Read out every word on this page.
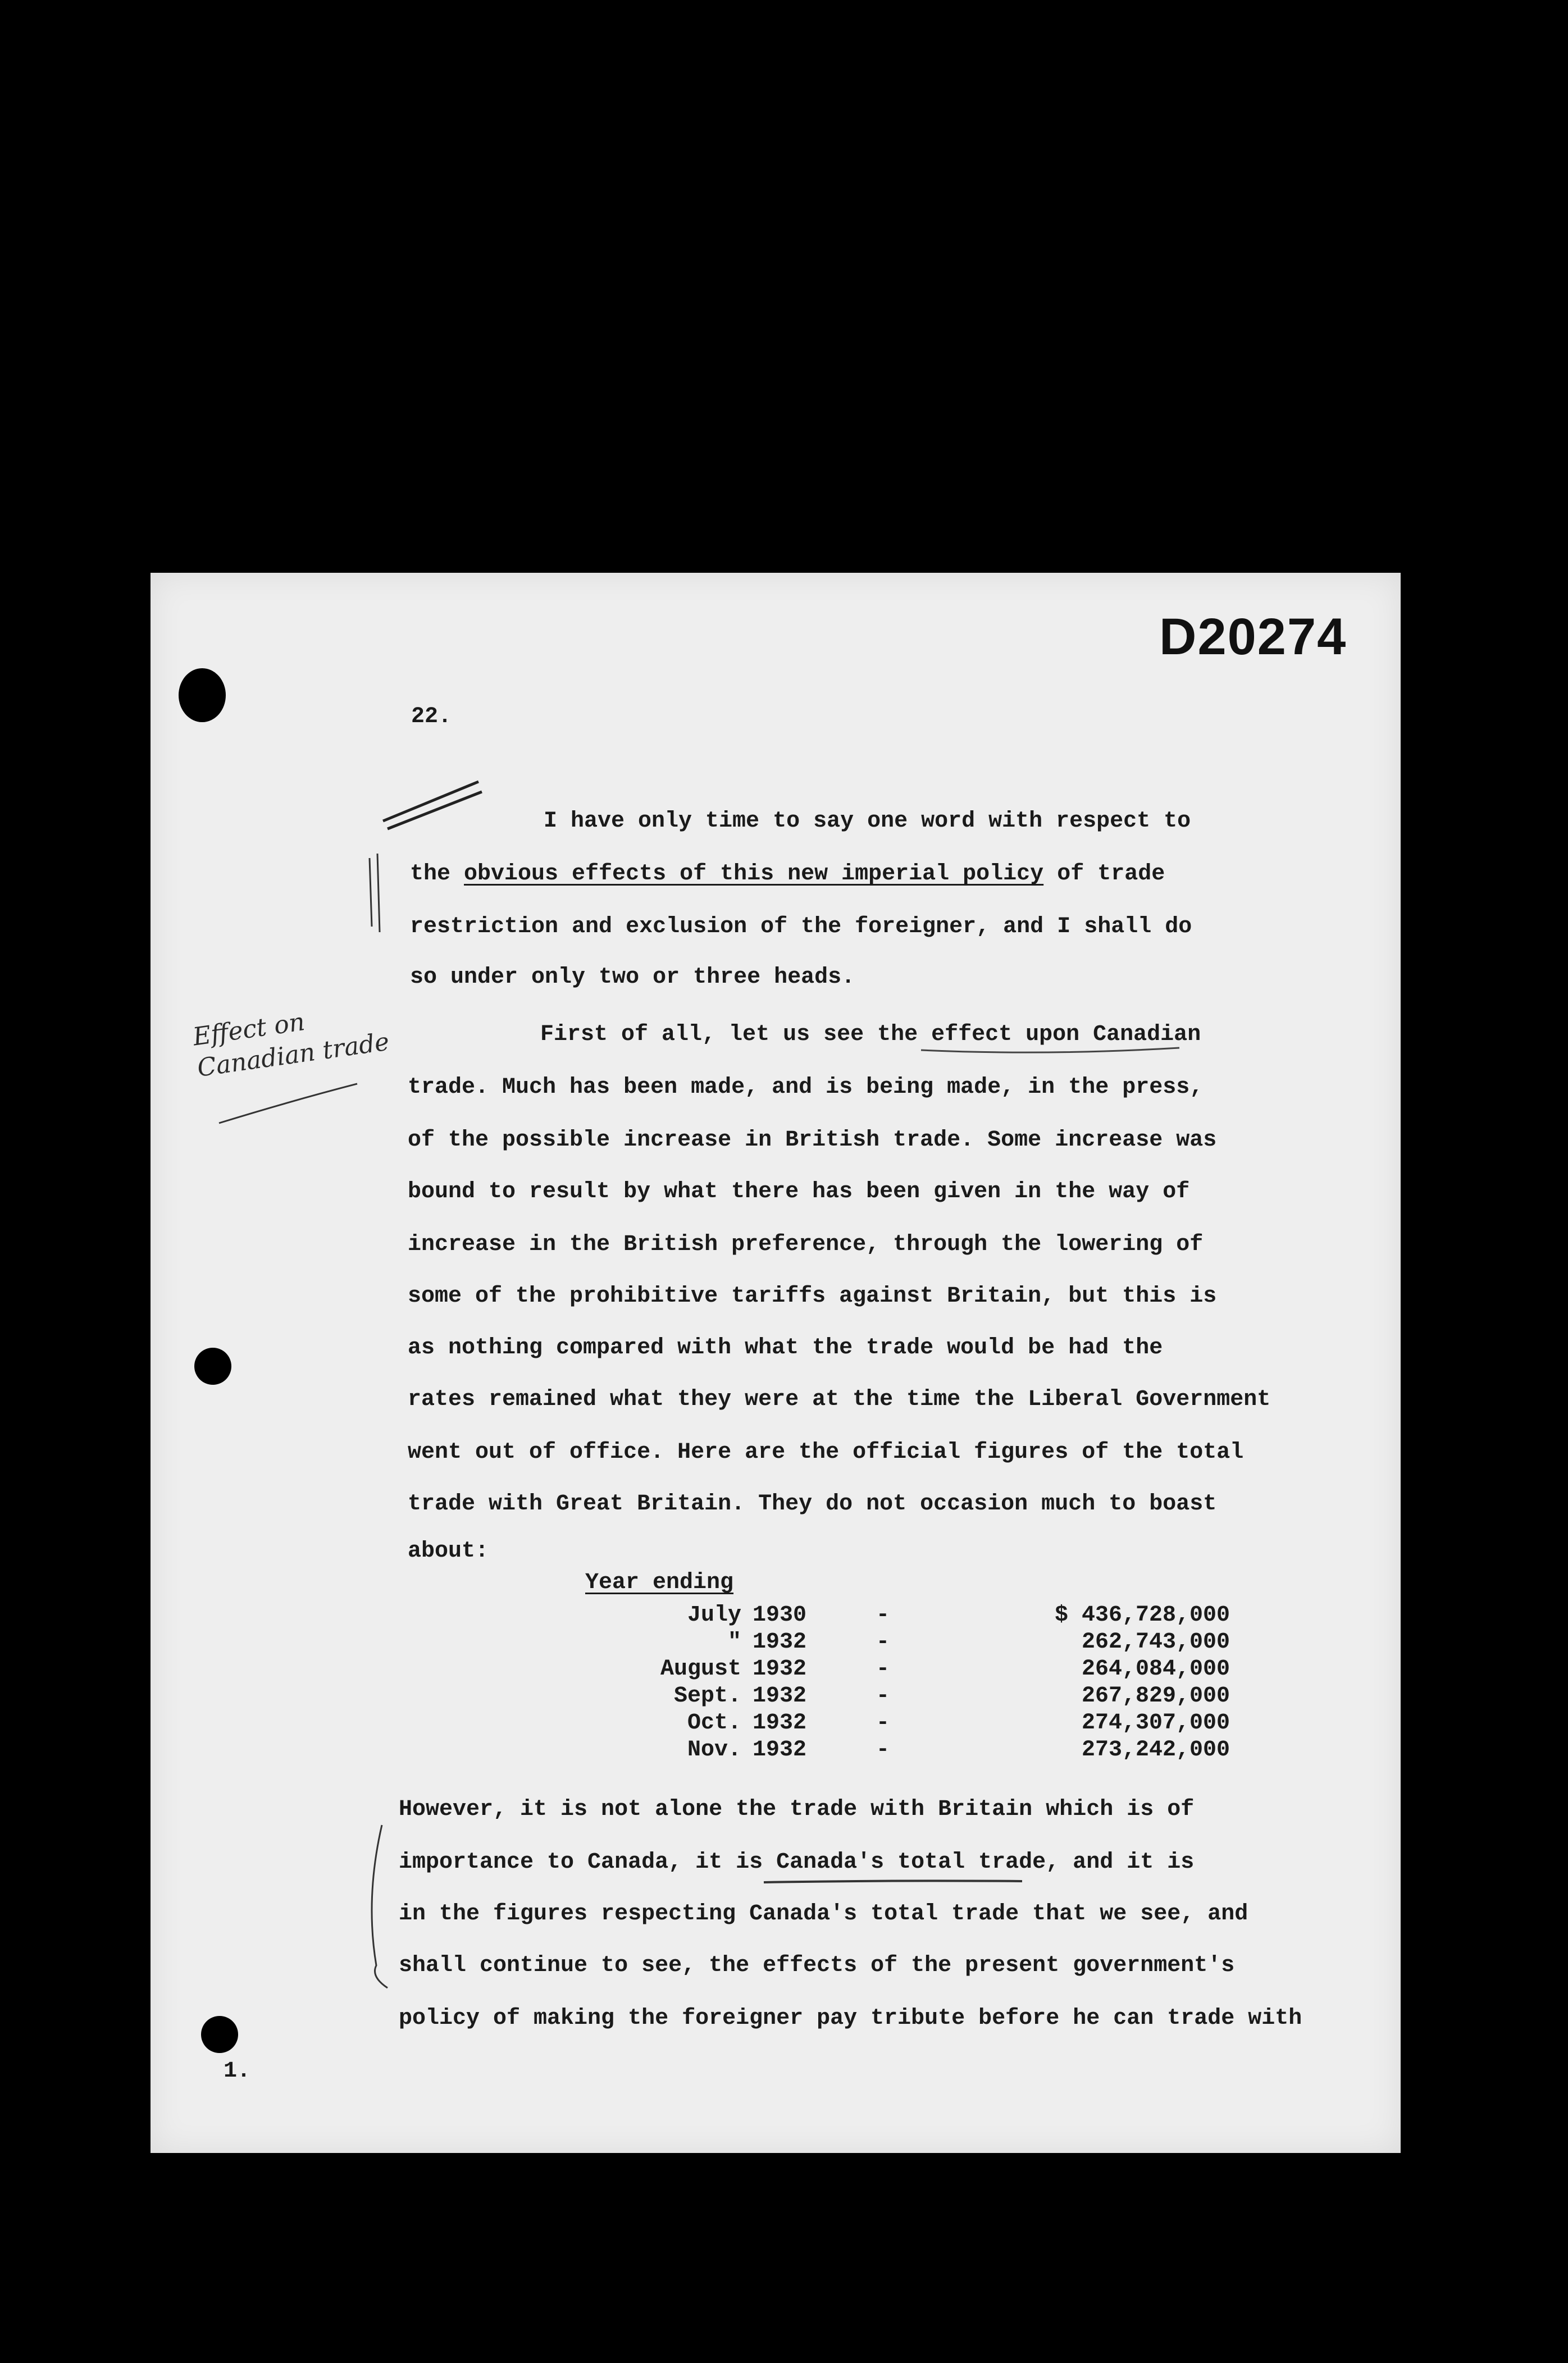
D20274
22.
1.
Effect on Canadian trade
I have only time to say one word with respect to
the obvious effects of this new imperial policy of trade
restriction and exclusion of the foreigner, and I shall do
so under only two or three heads.
First of all, let us see the effect upon Canadian
trade. Much has been made, and is being made, in the press,
of the possible increase in British trade. Some increase was
bound to result by what there has been given in the way of
increase in the British preference, through the lowering of
some of the prohibitive tariffs against Britain, but this is
as nothing compared with what the trade would be had the
rates remained what they were at the time the Liberal Government
went out of office. Here are the official figures of the total
trade with Great Britain. They do not occasion much to boast
about:
Year ending
July 1930	-	$ 436,728,000
" 1932	-	262,743,000
August 1932	-	264,084,000
Sept. 1932	-	267,829,000
Oct. 1932	-	274,307,000
Nov. 1932	-	273,242,000
However, it is not alone the trade with Britain which is of
importance to Canada, it is Canada's total trade, and it is
in the figures respecting Canada's total trade that we see, and
shall continue to see, the effects of the present government's
policy of making the foreigner pay tribute before he can trade with
